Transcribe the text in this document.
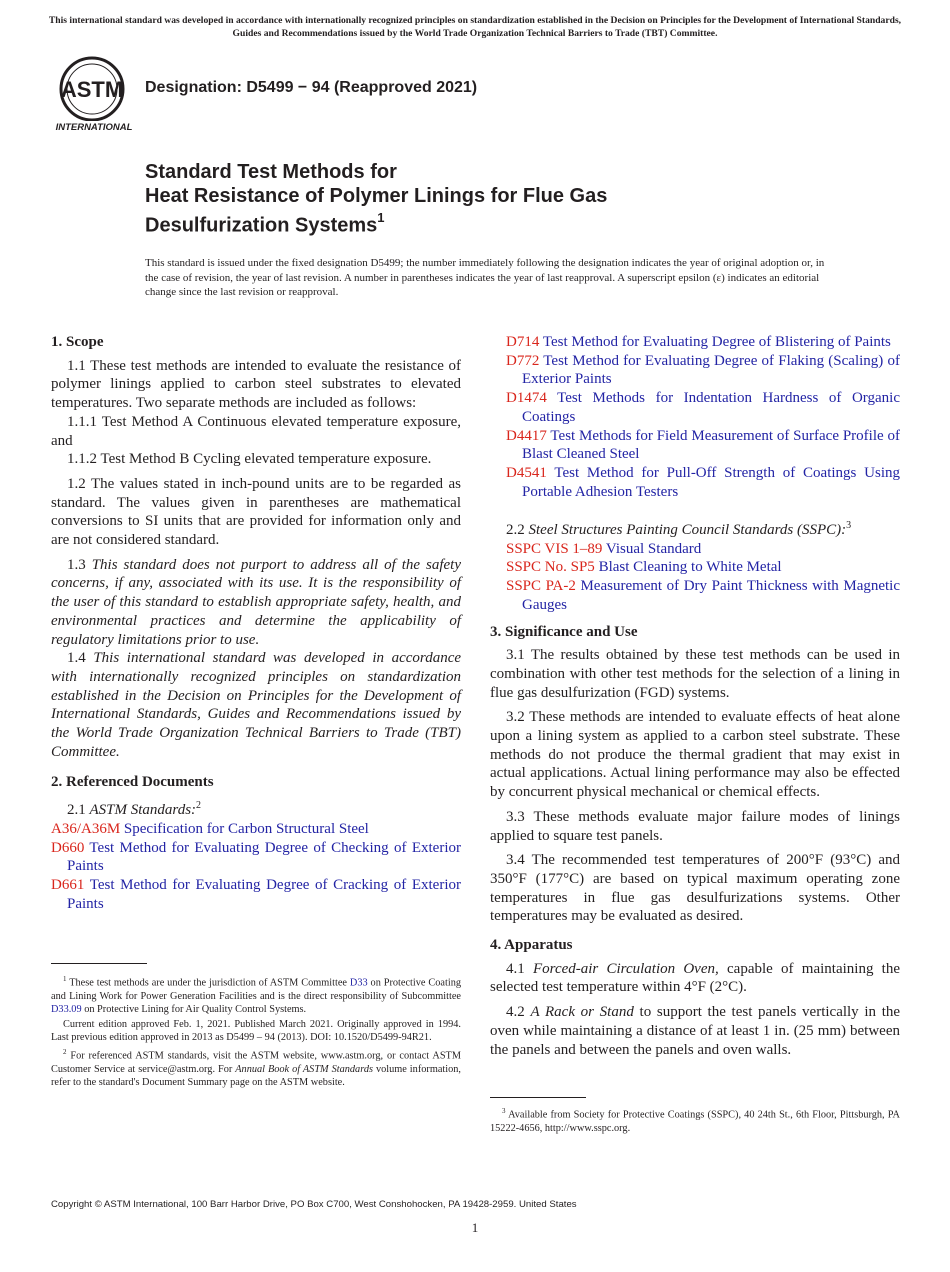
This international standard was developed in accordance with internationally recognized principles on standardization established in the Decision on Principles for the Development of International Standards, Guides and Recommendations issued by the World Trade Organization Technical Barriers to Trade (TBT) Committee.
ASTM
INTERNATIONAL
Designation: D5499 − 94 (Reapproved 2021)
Standard Test Methods for
Heat Resistance of Polymer Linings for Flue Gas
Desulfurization Systems$^1$
This standard is issued under the fixed designation D5499; the number immediately following the designation indicates the year of original adoption or, in the case of revision, the year of last revision. A number in parentheses indicates the year of last reapproval. A superscript epsilon (ε) indicates an editorial change since the last revision or reapproval.
1. Scope
1.1 These test methods are intended to evaluate the resistance of polymer linings applied to carbon steel substrates to elevated temperatures. Two separate methods are included as follows:
1.1.1 Test Method A Continuous elevated temperature exposure, and
1.1.2 Test Method B Cycling elevated temperature exposure.
1.2 The values stated in inch-pound units are to be regarded as standard. The values given in parentheses are mathematical conversions to SI units that are provided for information only and are not considered standard.
1.3 This standard does not purport to address all of the safety concerns, if any, associated with its use. It is the responsibility of the user of this standard to establish appropriate safety, health, and environmental practices and determine the applicability of regulatory limitations prior to use.
1.4 This international standard was developed in accordance with internationally recognized principles on standardization established in the Decision on Principles for the Development of International Standards, Guides and Recommendations issued by the World Trade Organization Technical Barriers to Trade (TBT) Committee.
2. Referenced Documents
2.1 ASTM Standards:$^2$
A36/A36M Specification for Carbon Structural Steel
D660 Test Method for Evaluating Degree of Checking of Exterior Paints
D661 Test Method for Evaluating Degree of Cracking of Exterior Paints
$^1$ These test methods are under the jurisdiction of ASTM Committee D33 on Protective Coating and Lining Work for Power Generation Facilities and is the direct responsibility of Subcommittee D33.09 on Protective Lining for Air Quality Control Systems.
Current edition approved Feb. 1, 2021. Published March 2021. Originally approved in 1994. Last previous edition approved in 2013 as D5499 – 94 (2013). DOI: 10.1520/D5499-94R21.
$^2$ For referenced ASTM standards, visit the ASTM website, www.astm.org, or contact ASTM Customer Service at service@astm.org. For Annual Book of ASTM Standards volume information, refer to the standard's Document Summary page on the ASTM website.
D714 Test Method for Evaluating Degree of Blistering of Paints
D772 Test Method for Evaluating Degree of Flaking (Scaling) of Exterior Paints
D1474 Test Methods for Indentation Hardness of Organic Coatings
D4417 Test Methods for Field Measurement of Surface Profile of Blast Cleaned Steel
D4541 Test Method for Pull-Off Strength of Coatings Using Portable Adhesion Testers
2.2 Steel Structures Painting Council Standards (SSPC):$^3$
SSPC VIS 1–89 Visual Standard
SSPC No. SP5 Blast Cleaning to White Metal
SSPC PA-2 Measurement of Dry Paint Thickness with Magnetic Gauges
3. Significance and Use
3.1 The results obtained by these test methods can be used in combination with other test methods for the selection of a lining in flue gas desulfurization (FGD) systems.
3.2 These methods are intended to evaluate effects of heat alone upon a lining system as applied to a carbon steel substrate. These methods do not produce the thermal gradient that may exist in actual applications. Actual lining performance may also be effected by concurrent physical mechanical or chemical effects.
3.3 These methods evaluate major failure modes of linings applied to square test panels.
3.4 The recommended test temperatures of 200°F (93°C) and 350°F (177°C) are based on typical maximum operating zone temperatures in flue gas desulfurizations systems. Other temperatures may be evaluated as desired.
4. Apparatus
4.1 Forced-air Circulation Oven, capable of maintaining the selected test temperature within 4°F (2°C).
4.2 A Rack or Stand to support the test panels vertically in the oven while maintaining a distance of at least 1 in. (25 mm) between the panels and between the panels and oven walls.
$^3$ Available from Society for Protective Coatings (SSPC), 40 24th St., 6th Floor, Pittsburgh, PA 15222-4656, http://www.sspc.org.
Copyright © ASTM International, 100 Barr Harbor Drive, PO Box C700, West Conshohocken, PA 19428-2959. United States
1
